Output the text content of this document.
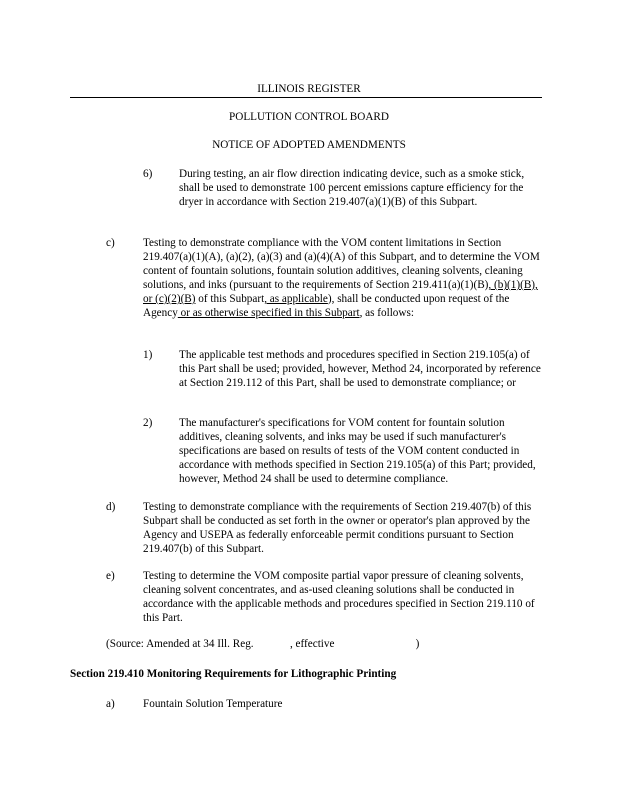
ILLINOIS REGISTER
POLLUTION CONTROL BOARD
NOTICE OF ADOPTED AMENDMENTS
6) During testing, an air flow direction indicating device, such as a smoke stick, shall be used to demonstrate 100 percent emissions capture efficiency for the dryer in accordance with Section 219.407(a)(1)(B) of this Subpart.
c)	Testing to demonstrate compliance with the VOM content limitations in Section 219.407(a)(1)(A), (a)(2), (a)(3) and (a)(4)(A) of this Subpart, and to determine the VOM content of fountain solutions, fountain solution additives, cleaning solvents, cleaning solutions, and inks (pursuant to the requirements of Section 219.411(a)(1)(B), (b)(1)(B), or (c)(2)(B) of this Subpart, as applicable), shall be conducted upon request of the Agency or as otherwise specified in this Subpart, as follows:
1) The applicable test methods and procedures specified in Section 219.105(a) of this Part shall be used; provided, however, Method 24, incorporated by reference at Section 219.112 of this Part, shall be used to demonstrate compliance; or
2) The manufacturer's specifications for VOM content for fountain solution additives, cleaning solvents, and inks may be used if such manufacturer's specifications are based on results of tests of the VOM content conducted in accordance with methods specified in Section 219.105(a) of this Part; provided, however, Method 24 shall be used to determine compliance.
d) Testing to demonstrate compliance with the requirements of Section 219.407(b) of this Subpart shall be conducted as set forth in the owner or operator's plan approved by the Agency and USEPA as federally enforceable permit conditions pursuant to Section 219.407(b) of this Subpart.
e)	Testing to determine the VOM composite partial vapor pressure of cleaning solvents, cleaning solvent concentrates, and as-used cleaning solutions shall be conducted in accordance with the applicable methods and procedures specified in Section 219.110 of this Part.
(Source: Amended at 34 Ill. Reg. ______, effective ______________)
Section 219.410 Monitoring Requirements for Lithographic Printing
a)	Fountain Solution Temperature
